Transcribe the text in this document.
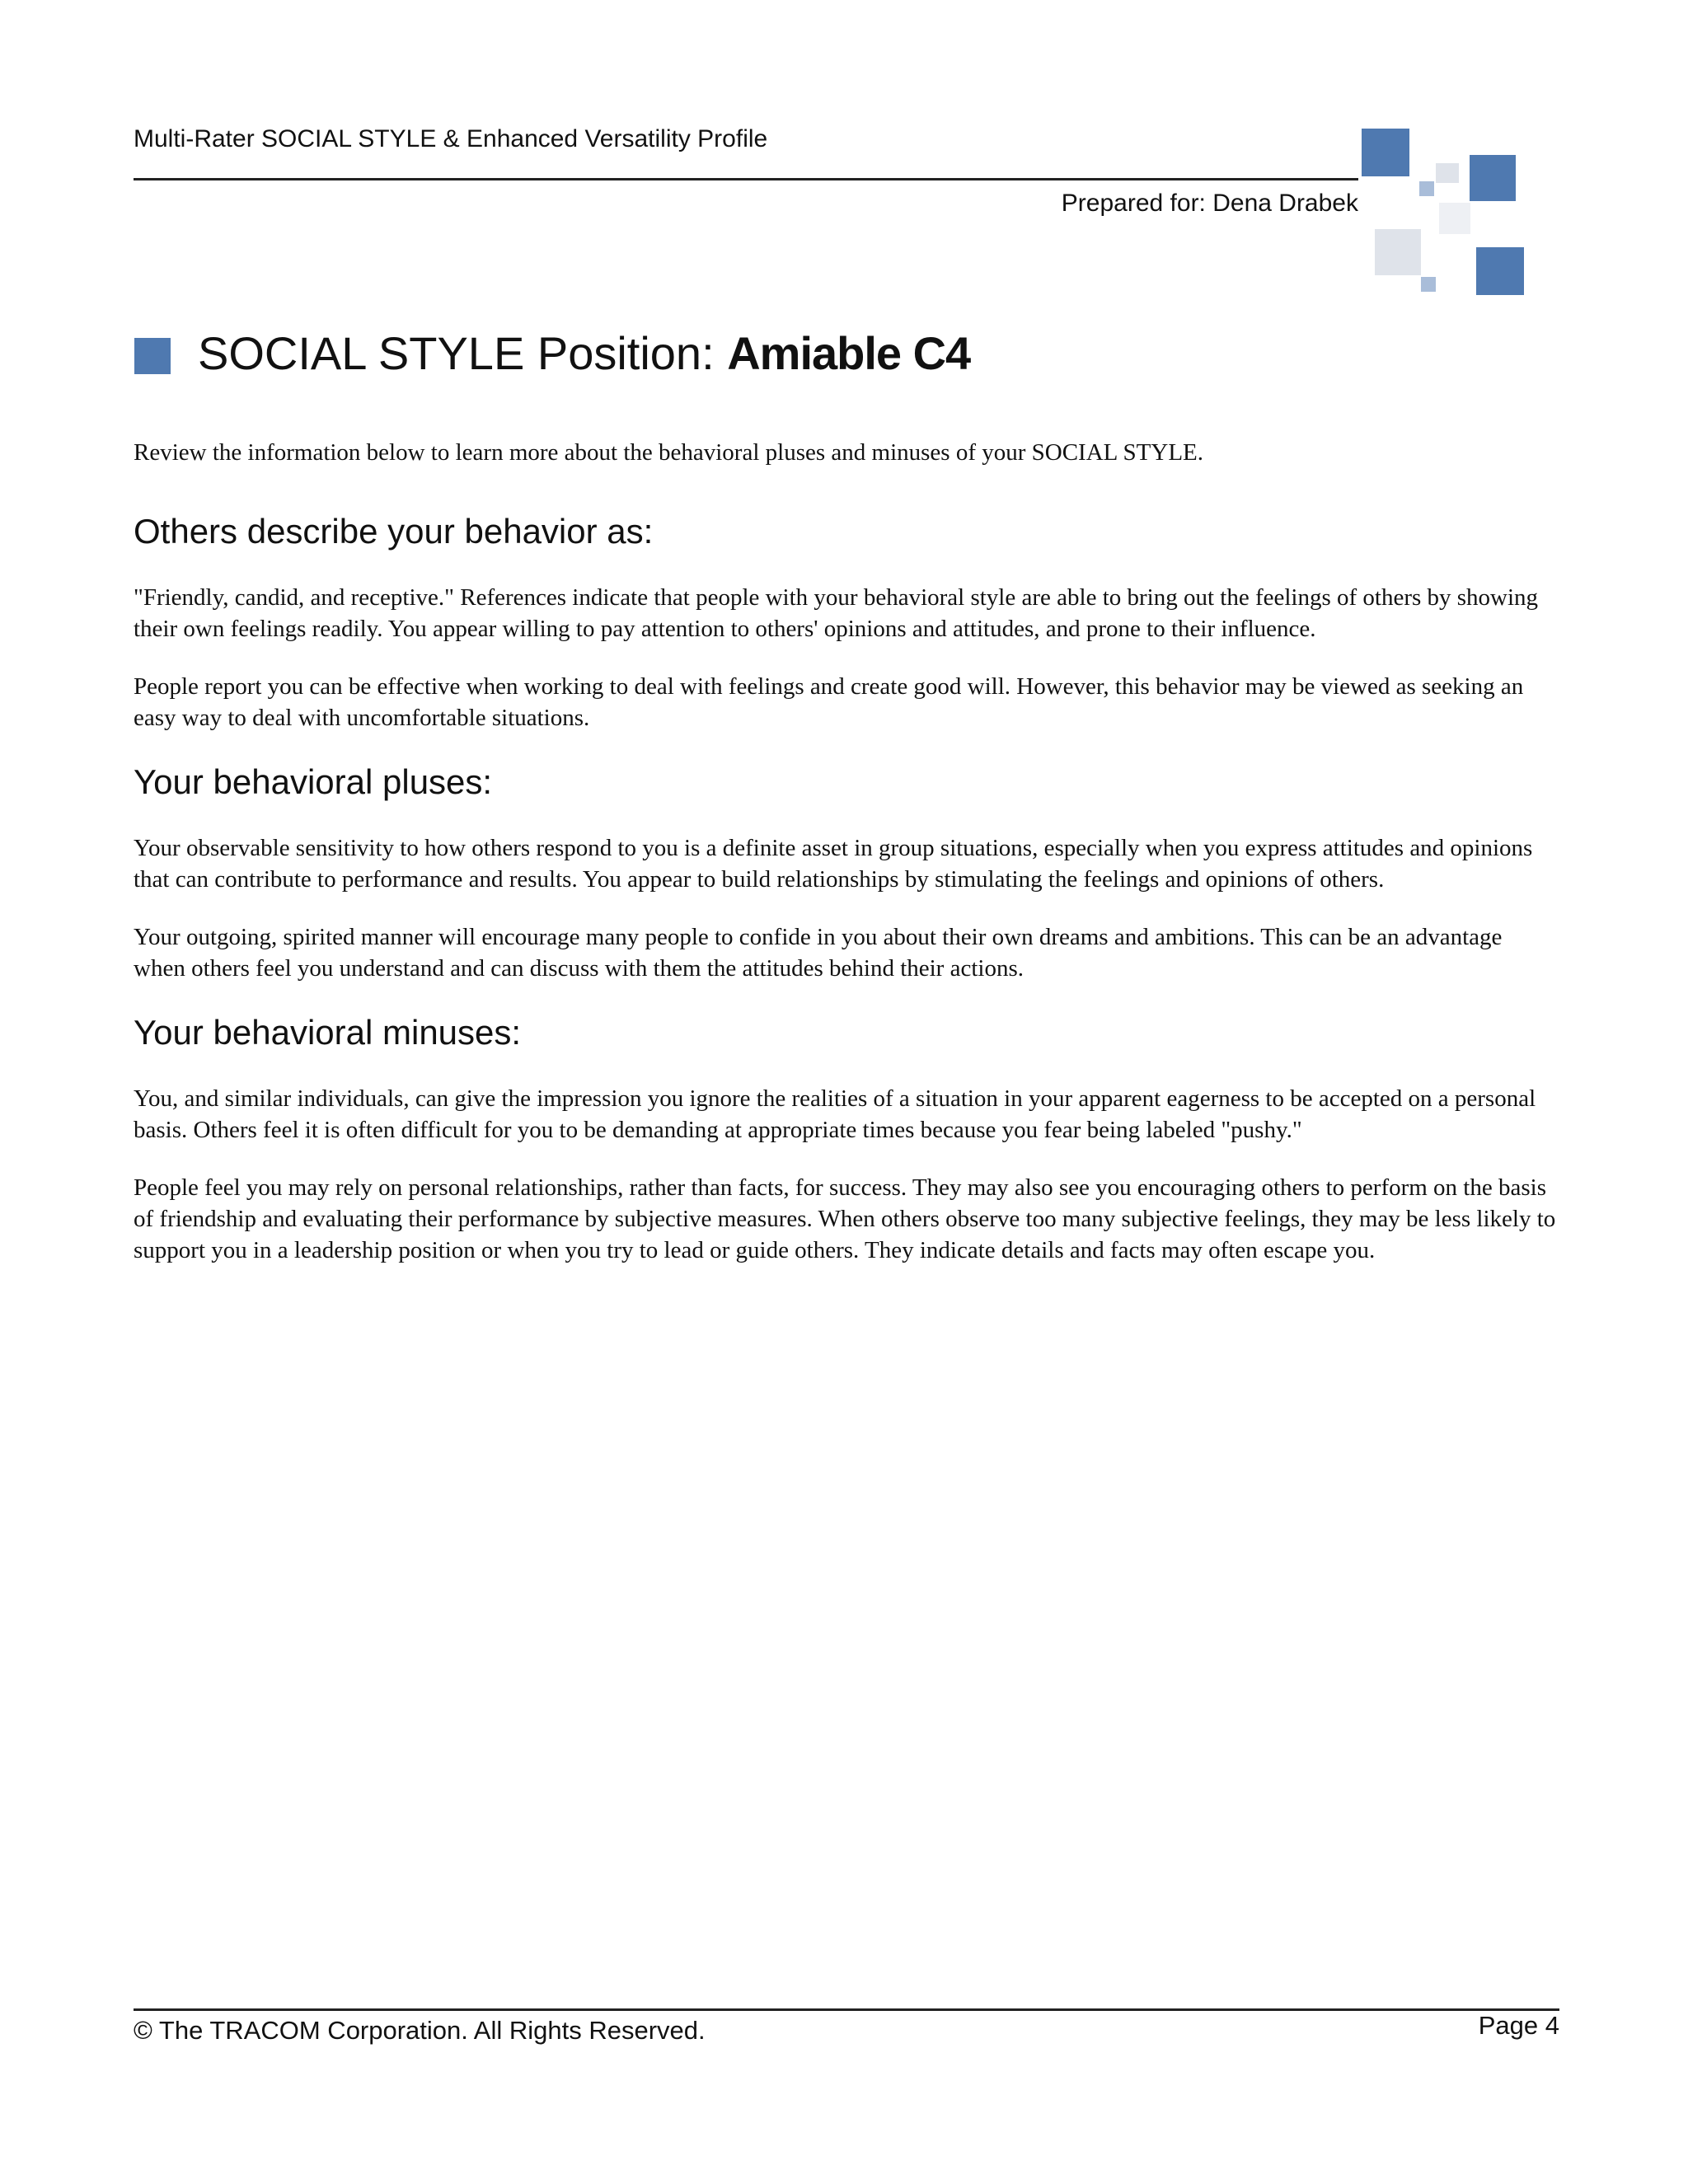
Multi-Rater SOCIAL STYLE & Enhanced Versatility Profile
Prepared for: Dena Drabek
SOCIAL STYLE Position: Amiable C4

Review the information below to learn more about the behavioral pluses and minuses of your SOCIAL STYLE.

Others describe your behavior as:

"Friendly, candid, and receptive." References indicate that people with your behavioral style are able to bring out the feelings of others by showing their own feelings readily. You appear willing to pay attention to others' opinions and attitudes, and prone to their influence.

People report you can be effective when working to deal with feelings and create good will. However, this behavior may be viewed as seeking an easy way to deal with uncomfortable situations.

Your behavioral pluses:

Your observable sensitivity to how others respond to you is a definite asset in group situations, especially when you express attitudes and opinions that can contribute to performance and results. You appear to build relationships by stimulating the feelings and opinions of others.

Your outgoing, spirited manner will encourage many people to confide in you about their own dreams and ambitions. This can be an advantage when others feel you understand and can discuss with them the attitudes behind their actions.

Your behavioral minuses:

You, and similar individuals, can give the impression you ignore the realities of a situation in your apparent eagerness to be accepted on a personal basis. Others feel it is often difficult for you to be demanding at appropriate times because you fear being labeled "pushy."

People feel you may rely on personal relationships, rather than facts, for success. They may also see you encouraging others to perform on the basis of friendship and evaluating their performance by subjective measures. When others observe too many subjective feelings, they may be less likely to support you in a leadership position or when you try to lead or guide others. They indicate details and facts may often escape you.

© The TRACOM Corporation. All Rights Reserved.	Page 4
